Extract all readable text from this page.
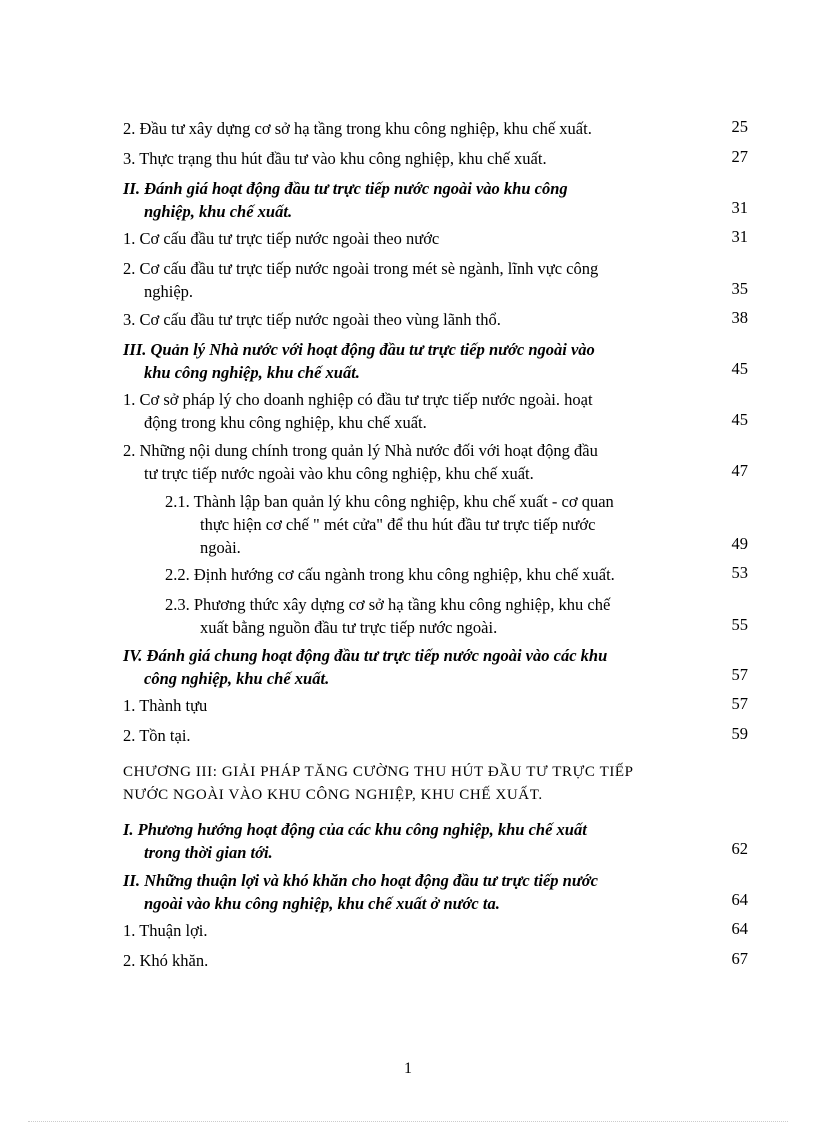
2. Đầu tư xây dựng cơ sở hạ tầng trong khu công nghiệp, khu chế xuất.	25
3. Thực trạng thu hút đầu tư vào khu công nghiệp, khu chế xuất.	27
II. Đánh giá hoạt động đầu tư trực tiếp nước ngoài vào khu công
nghiệp, khu chế xuất.	31
1. Cơ cấu đầu tư trực tiếp nước ngoài theo nước	31
2. Cơ cấu đầu tư trực tiếp nước ngoài trong mét sè ngành, lĩnh vực công
nghiệp.	35
3. Cơ cấu đầu tư trực tiếp nước ngoài theo vùng lãnh thổ.	38
III. Quản lý Nhà nước với hoạt động đầu tư trực tiếp nước ngoài vào
khu công nghiệp, khu chế xuất.	45
1. Cơ sở pháp lý cho doanh nghiệp có đầu tư trực tiếp nước ngoài. hoạt
động trong khu công nghiệp, khu chế xuất.	45
2. Những nội dung chính trong quản lý Nhà nước đối với hoạt động đầu
tư trực tiếp nước ngoài vào khu công nghiệp, khu chế xuất.	47
2.1. Thành lập ban quản lý khu công nghiệp, khu chế xuất - cơ quan
thực hiện cơ chế " mét cửa" để thu hút đầu tư trực tiếp nước
ngoài.	49
2.2. Định hướng cơ cấu ngành trong khu công nghiệp, khu chế xuất.	53
2.3. Phương thức xây dựng cơ sở hạ tầng khu công nghiệp, khu chế
xuất bằng nguồn đầu tư trực tiếp nước ngoài.	55
IV. Đánh giá chung hoạt động đầu tư trực tiếp nước ngoài vào các khu
công nghiệp, khu chế xuất.	57
1. Thành tựu	57
2. Tồn tại.	59
CHƯƠNG III: GIẢI PHÁP TĂNG CƯỜNG THU HÚT ĐẦU TƯ TRỰC TIẾP
NƯỚC NGOÀI VÀO KHU CÔNG NGHIỆP, KHU CHẾ XUẤT.
I. Phương hướng hoạt động của các khu công nghiệp, khu chế xuất
trong thời gian tới.	62
II. Những thuận lợi và khó khăn cho hoạt động đầu tư trực tiếp nước
ngoài vào khu công nghiệp, khu chế xuất ở nước ta.	64
1. Thuận lợi.	64
2. Khó khăn.	67
1
